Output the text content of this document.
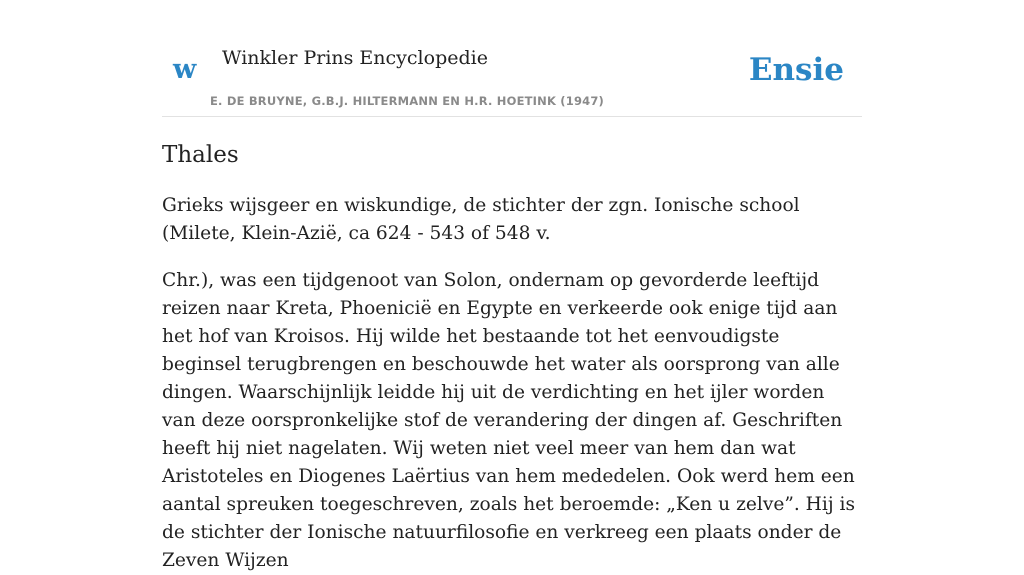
w Winkler Prins Encyclopedie
E. DE BRUYNE, G.B.J. HILTERMANN EN H.R. HOETINK (1947)
Ensie
Thales

Grieks wijsgeer en wiskundige, de stichter der zgn. Ionische school (Milete, Klein-Azië, ca 624 - 543 of 548 v.

Chr.), was een tijdgenoot van Solon, ondernam op gevorderde leeftijd reizen naar Kreta, Phoenicië en Egypte en verkeerde ook enige tijd aan het hof van Kroisos. Hij wilde het bestaande tot het eenvoudigste beginsel terugbrengen en beschouwde het water als oorsprong van alle dingen. Waarschijnlijk leidde hij uit de verdichting en het ijler worden van deze oorspronkelijke stof de verandering der dingen af. Geschriften heeft hij niet nagelaten. Wij weten niet veel meer van hem dan wat Aristoteles en Diogenes Laërtius van hem mededelen. Ook werd hem een aantal spreuken toegeschreven, zoals het beroemde: „Ken u zelve”. Hij is de stichter der Ionische natuurfilosofie en verkreeg een plaats onder de Zeven Wijzen
